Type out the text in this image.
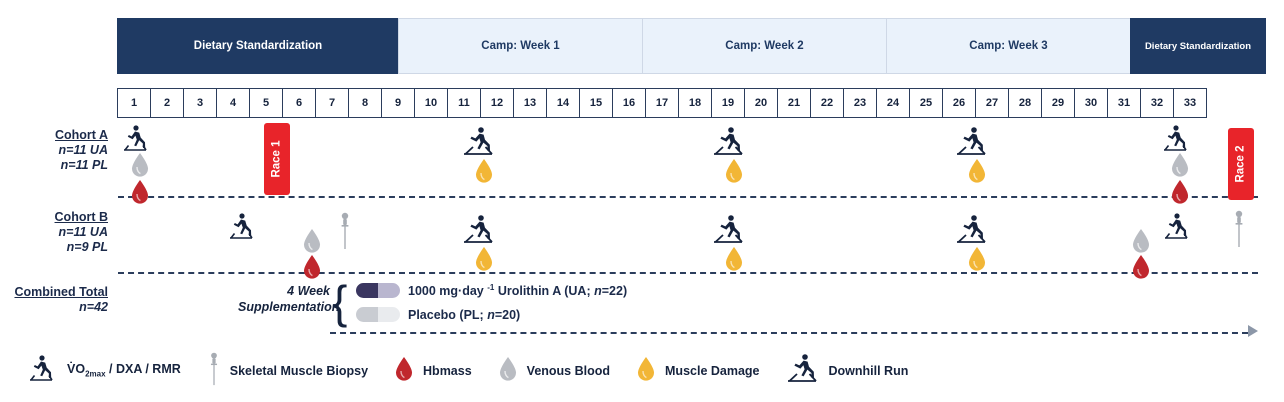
Dietary Standardization	Camp: Week 1	Camp: Week 2	Camp: Week 3	Dietary Standardization
1	2	3	4	5	6	7	8	9	10	11	12	13	14	15	16	17	18	19	20	21	22	23	24	25	26	27	28	29	30	31	32	33
Cohort A
n=11 UA
n=11 PL
Cohort B
n=11 UA
n=9 PL
Combined Total
n=42
Race 1	Race 2
4 Week
Supplementation
{	1000 mg·day $^{-1}$ Urolithin A (UA; n=22)
Placebo (PL; n=20)
$V̇O_{2max}$ / DXA / RMR	Skeletal Muscle Biopsy	Hbmass	Venous Blood	Muscle Damage	Downhill Run
